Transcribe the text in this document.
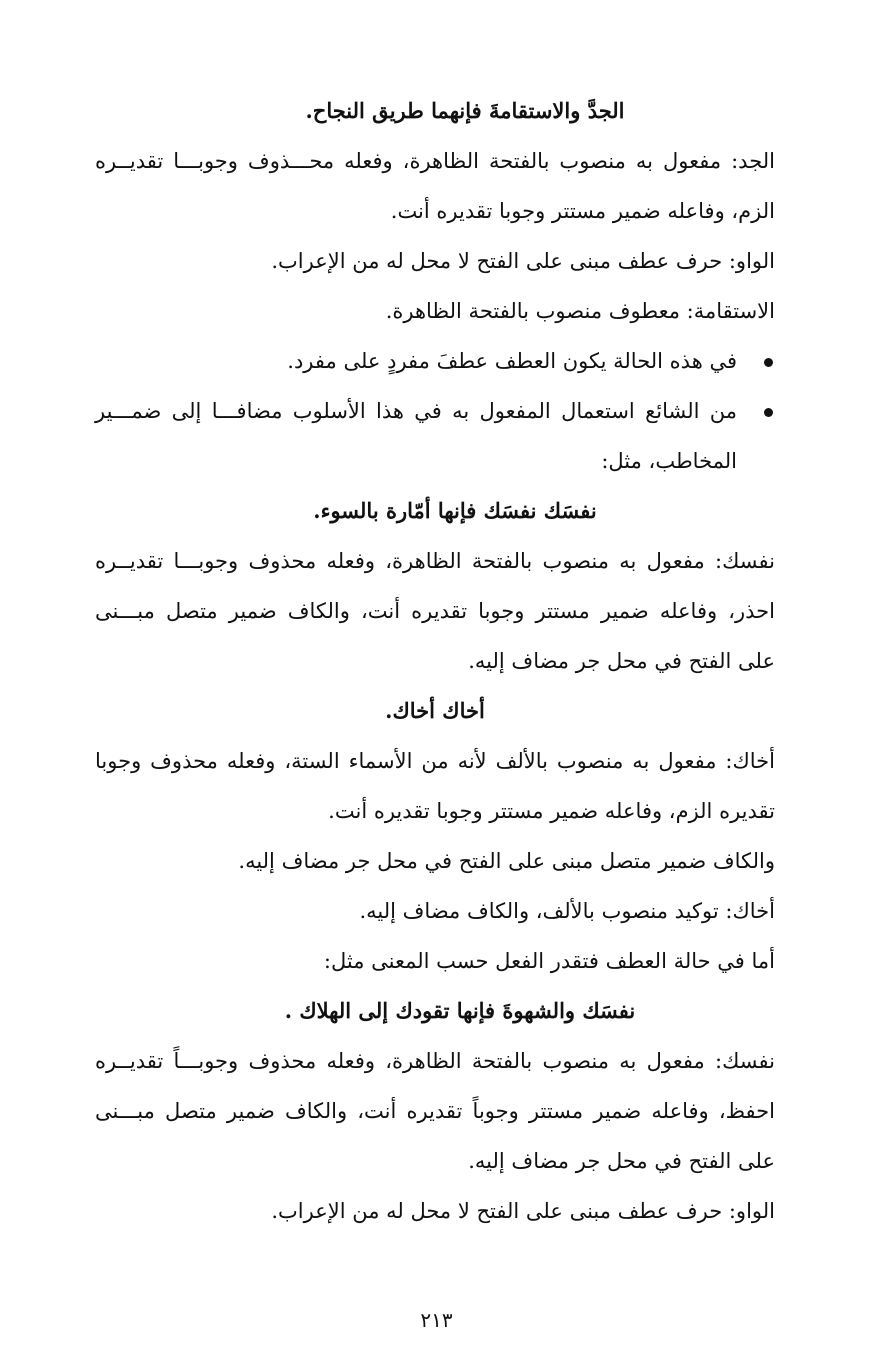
الجدَّ والاستقامةَ فإنهما طريق النجاح.
الجد: مفعول به منصوب بالفتحة الظاهرة، وفعله محـــذوف وجوبـــا تقديــره
الزم، وفاعله ضمير مستتر وجوبا تقديره أنت.
الواو: حرف عطف مبنى على الفتح لا محل له من الإعراب.
الاستقامة: معطوف منصوب بالفتحة الظاهرة.
في هذه الحالة يكون العطف عطفَ مفردٍ على مفرد.
من الشائع استعمال المفعول به في هذا الأسلوب مضافـــا إلى ضمـــير
المخاطب، مثل:
نفسَك نفسَك فإنها أمّارة بالسوء.
نفسك: مفعول به منصوب بالفتحة الظاهرة، وفعله محذوف وجوبـــا تقديــره
احذر، وفاعله ضمير مستتر وجوبا تقديره أنت، والكاف ضمير متصل مبـــنى
على الفتح في محل جر مضاف إليه.
أخاك أخاك.
أخاك: مفعول به منصوب بالألف لأنه من الأسماء الستة، وفعله محذوف وجوبا
تقديره الزم، وفاعله ضمير مستتر وجوبا تقديره أنت.
والكاف ضمير متصل مبنى على الفتح في محل جر مضاف إليه.
أخاك: توكيد منصوب بالألف، والكاف مضاف إليه.
أما في حالة العطف فتقدر الفعل حسب المعنى مثل:
نفسَك والشهوةَ فإنها تقودك إلى الهلاك .
نفسك: مفعول به منصوب بالفتحة الظاهرة، وفعله محذوف وجوبـــاً تقديــره
احفظ، وفاعله ضمير مستتر وجوباً تقديره أنت، والكاف ضمير متصل مبـــنى
على الفتح في محل جر مضاف إليه.
الواو: حرف عطف مبنى على الفتح لا محل له من الإعراب.
٢١٣
